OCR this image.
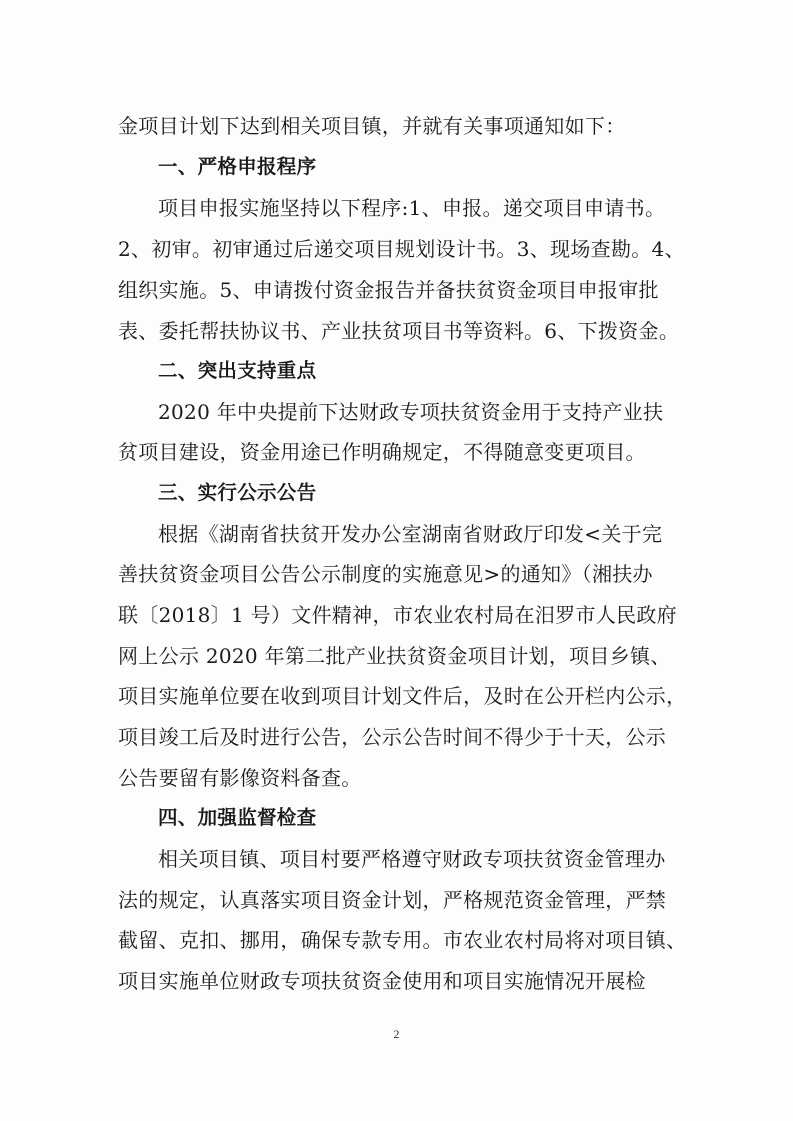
金项目计划下达到相关项目镇，并就有关事项通知如下：
一、严格申报程序
项目申报实施坚持以下程序:1、申报。递交项目申请书。
2、初审。初审通过后递交项目规划设计书。3、现场查勘。4、
组织实施。5、申请拨付资金报告并备扶贫资金项目申报审批
表、委托帮扶协议书、产业扶贫项目书等资料。6、下拨资金。
二、突出支持重点
2020 年中央提前下达财政专项扶贫资金用于支持产业扶
贫项目建设，资金用途已作明确规定，不得随意变更项目。
三、实行公示公告
根据《湖南省扶贫开发办公室湖南省财政厅印发<关于完
善扶贫资金项目公告公示制度的实施意见>的通知》（湘扶办
联〔2018〕1 号）文件精神，市农业农村局在汨罗市人民政府
网上公示 2020 年第二批产业扶贫资金项目计划，项目乡镇、
项目实施单位要在收到项目计划文件后，及时在公开栏内公示，
项目竣工后及时进行公告，公示公告时间不得少于十天，公示
公告要留有影像资料备查。
四、加强监督检查
相关项目镇、项目村要严格遵守财政专项扶贫资金管理办
法的规定，认真落实项目资金计划，严格规范资金管理，严禁
截留、克扣、挪用，确保专款专用。市农业农村局将对项目镇、
项目实施单位财政专项扶贫资金使用和项目实施情况开展检
2
